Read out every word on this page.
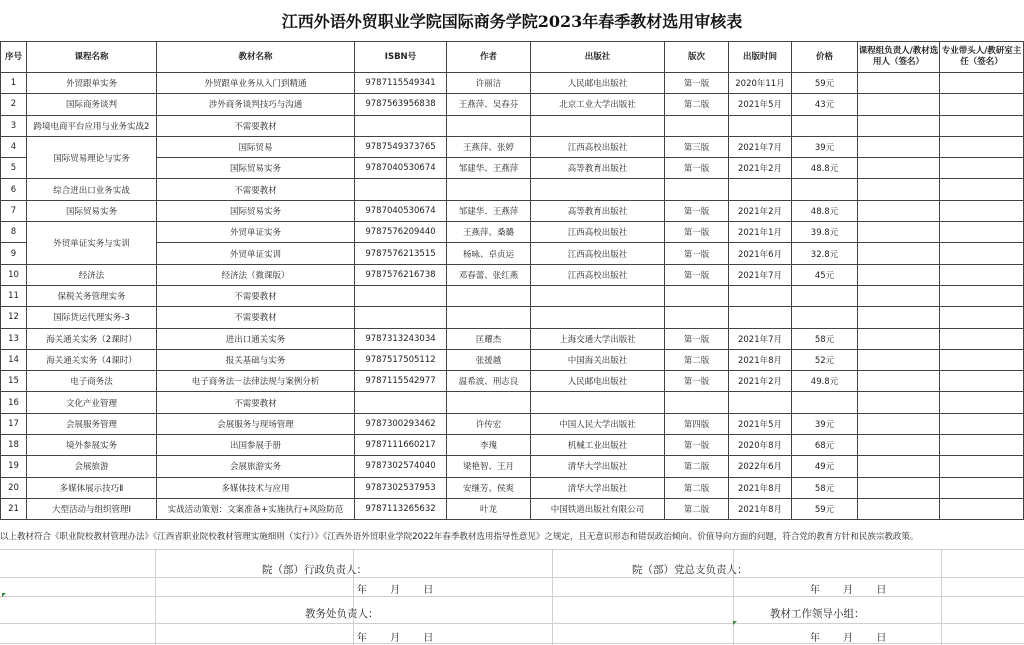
江西外语外贸职业学院国际商务学院2023年春季教材选用审核表
序号	课程名称	教材名称	ISBN号	作者	出版社	版次	出版时间	价格	课程组负责人/教材选用人（签名）	专业带头人/教研室主任（签名）
1	外贸跟单实务	外贸跟单业务从入门到精通	9787115549341	许丽洁	人民邮电出版社	第一版	2020年11月	59元		
2	国际商务谈判	涉外商务谈判技巧与沟通	9787563956838	王燕萍、吴春芬	北京工业大学出版社	第二版	2021年5月	43元		
3	跨境电商平台应用与业务实战2	不需要教材								
4	国际贸易理论与实务	国际贸易	9787549373765	王燕萍、张婷	江西高校出版社	第三版	2021年7月	39元		
5		国际贸易实务	9787040530674	邹建华、王燕萍	高等教育出版社	第一版	2021年2月	48.8元		
6	综合进出口业务实战	不需要教材								
7	国际贸易实务	国际贸易实务	9787040530674	邹建华、王燕萍	高等教育出版社	第一版	2021年2月	48.8元		
8	外贸单证实务与实训	外贸单证实务	9787576209440	王燕萍、桑璐	江西高校出版社	第一版	2021年1月	39.8元		
9		外贸单证实训	9787576213515	杨咏、卓贞运	江西高校出版社	第一版	2021年6月	32.8元		
10	经济法	经济法（微课版）	9787576216738	邓春蕾、张红燕	江西高校出版社	第一版	2021年7月	45元		
11	保税关务管理实务	不需要教材								
12	国际货运代理实务-3	不需要教材								
13	海关通关实务（2课时）	进出口通关实务	9787313243034	匡耀杰	上海交通大学出版社	第一版	2021年7月	58元		
14	海关通关实务（4课时）	报关基础与实务	9787517505112	张援越	中国海关出版社	第二版	2021年8月	52元		
15	电子商务法	电子商务法－法律法规与案例分析	9787115542977	温希波、刑志良	人民邮电出版社	第一版	2021年2月	49.8元		
16	文化产业管理	不需要教材								
17	会展服务管理	会展服务与现场管理	9787300293462	许传宏	中国人民大学出版社	第四版	2021年5月	39元		
18	境外参展实务	出国参展手册	9787111660217	李瑰	机械工业出版社	第一版	2020年8月	68元		
19	会展旅游	会展旅游实务	9787302574040	梁艳智、王月	清华大学出版社	第二版	2022年6月	49元		
20	多媒体展示技巧Ⅱ	多媒体技术与应用	9787302537953	安继芳、侯爽	清华大学出版社	第二版	2021年8月	58元		
21	大型活动与组织管理Ⅰ	实战活动策划：文案准备+实施执行+风险防范	9787113265632	叶龙	中国铁道出版社有限公司	第二版	2021年8月	59元		
以上教材符合《职业院校教材管理办法》《江西省职业院校教材管理实施细则（实行）》《江西外语外贸职业学院2022年春季教材选用指导性意见》之规定，且无意识形态和错误政治倾向、价值导向方面的问题，符合党的教育方针和民族宗教政策。
院（部）行政负责人：	院（部）党总支负责人：
年 月 日	年 月 日
教务处负责人：	教材工作领导小组：
年 月 日	年 月 日
